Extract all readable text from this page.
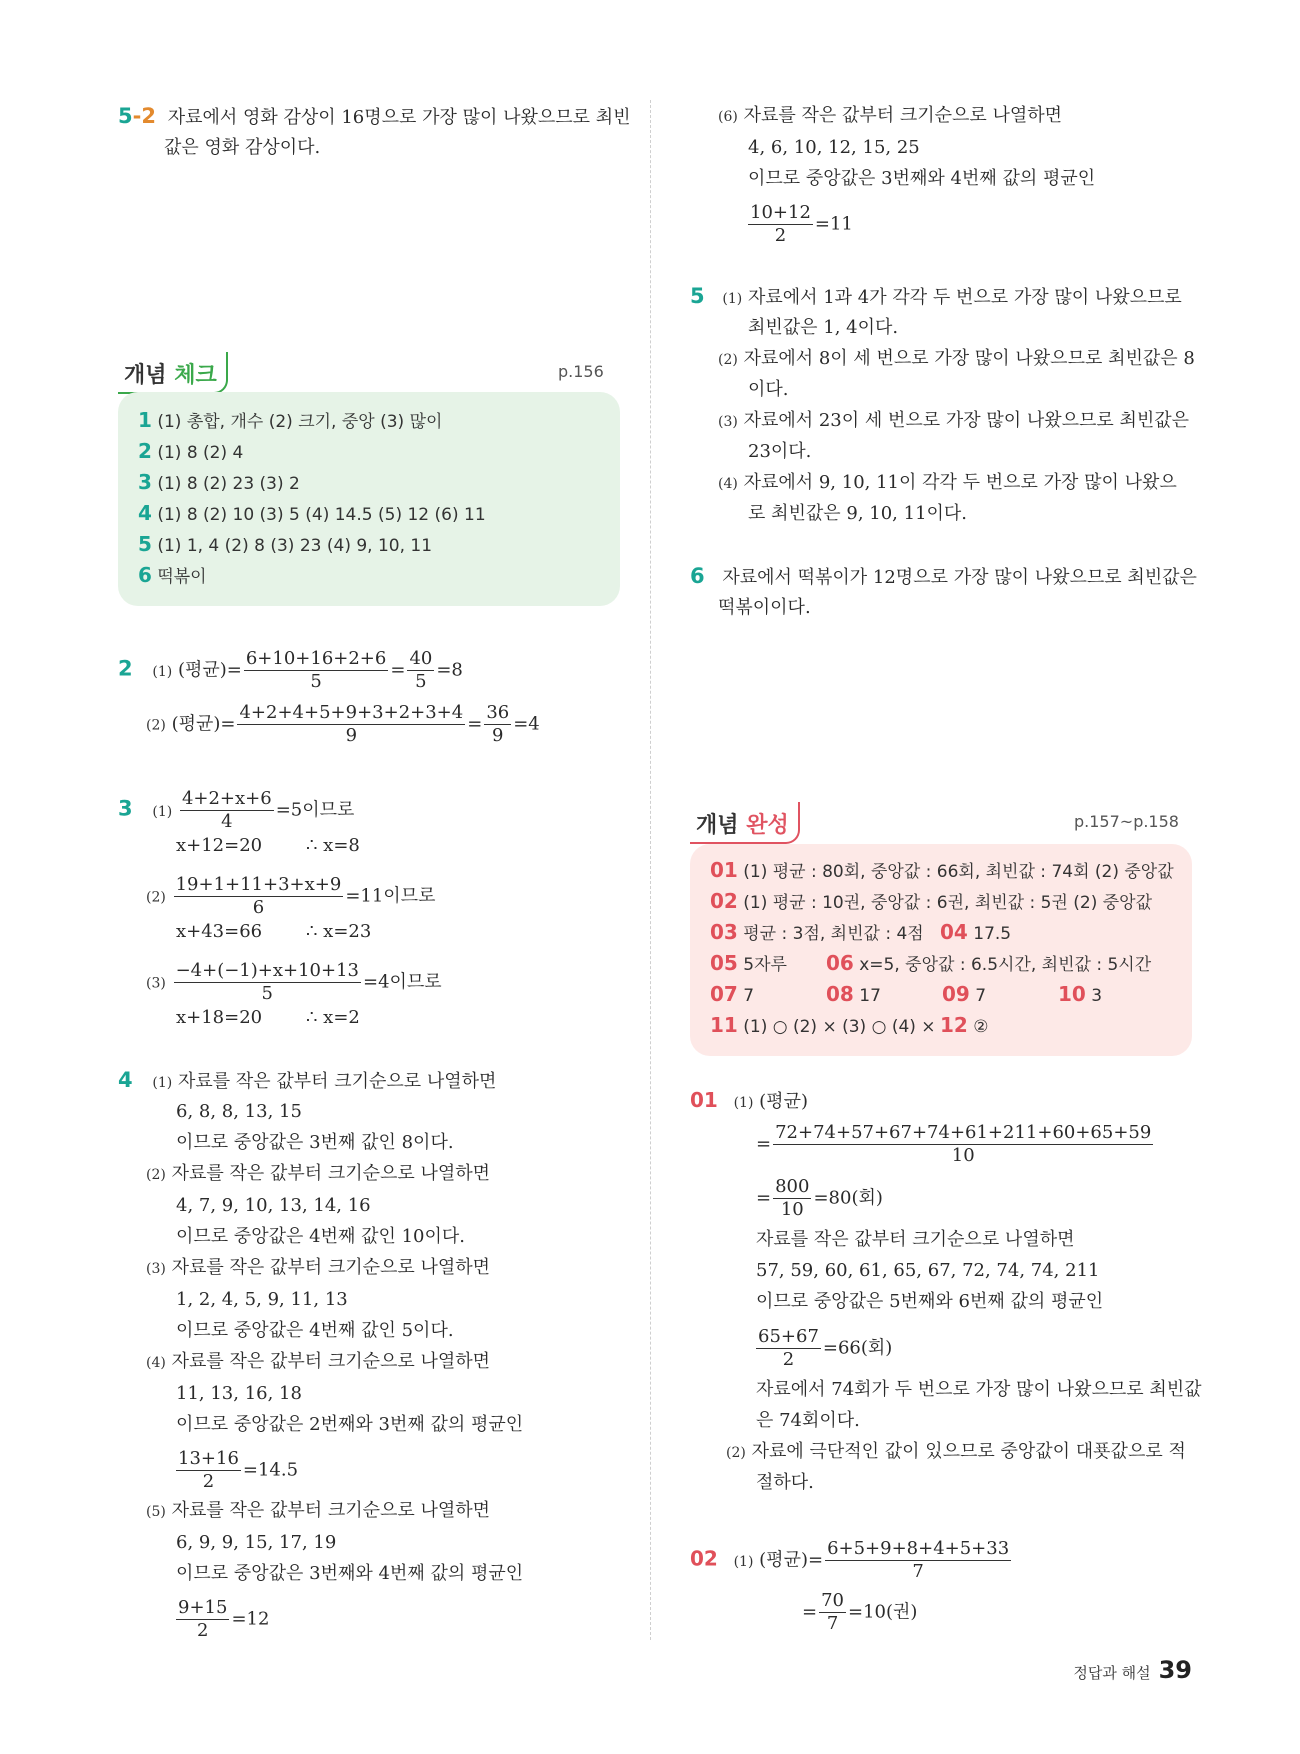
5-2 자료에서 영화 감상이 16명으로 가장 많이 나왔으므로 최빈
값은 영화 감상이다.
개념 체크	p.156
1 (1) 총합, 개수 (2) 크기, 중앙 (3) 많이
2 (1) 8 (2) 4
3 (1) 8 (2) 23 (3) 2
4 (1) 8 (2) 10 (3) 5 (4) 14.5 (5) 12 (6) 11
5 (1) 1, 4 (2) 8 (3) 23 (4) 9, 10, 11
6 떡볶이
2 (1) (평균)= $\frac{6+10+16+2+6}{5} = \frac{40}{5} =8$
(2) (평균)= $\frac{4+2+4+5+9+3+2+3+4}{9} = \frac{36}{9} =4$
3 $(1) \frac{4+2+x+6}{4} =5$이므로
x+12=20 ∴ x=8
$(2) \frac{19+1+11+3+x+9}{6} =11$이므로
x+43=66 ∴ x=23
$(3) \frac{-4+(-1)+x+10+13}{5} =4$이므로
x+18=20 ∴ x=2
4 (1) 자료를 작은 값부터 크기순으로 나열하면
6, 8, 8, 13, 15
이므로 중앙값은 3번째 값인 8이다.
(2) 자료를 작은 값부터 크기순으로 나열하면
4, 7, 9, 10, 13, 14, 16
이므로 중앙값은 4번째 값인 10이다.
(3) 자료를 작은 값부터 크기순으로 나열하면
1, 2, 4, 5, 9, 11, 13
이므로 중앙값은 4번째 값인 5이다.
(4) 자료를 작은 값부터 크기순으로 나열하면
11, 13, 16, 18
이므로 중앙값은 2번째와 3번째 값의 평균인
$\frac{13+16}{2} =14.5$
(5) 자료를 작은 값부터 크기순으로 나열하면
6, 9, 9, 15, 17, 19
이므로 중앙값은 3번째와 4번째 값의 평균인
$\frac{9+15}{2} =12$
(6) 자료를 작은 값부터 크기순으로 나열하면
4, 6, 10, 12, 15, 25
이므로 중앙값은 3번째와 4번째 값의 평균인
$\frac{10+12}{2} =11$
5 (1) 자료에서 1과 4가 각각 두 번으로 가장 많이 나왔으므로
최빈값은 1, 4이다.
(2) 자료에서 8이 세 번으로 가장 많이 나왔으므로 최빈값은 8
이다.
(3) 자료에서 23이 세 번으로 가장 많이 나왔으므로 최빈값은
23이다.
(4) 자료에서 9, 10, 11이 각각 두 번으로 가장 많이 나왔으
로 최빈값은 9, 10, 11이다.
6 자료에서 떡볶이가 12명으로 가장 많이 나왔으므로 최빈값은
떡볶이이다.
개념 완성	p.157~p.158
01 (1) 평균 : 80회, 중앙값 : 66회, 최빈값 : 74회 (2) 중앙값
02 (1) 평균 : 10권, 중앙값 : 6권, 최빈값 : 5권 (2) 중앙값
03 평균 : 3점, 최빈값 : 4점 04 17.5
05 5자루 06 x=5, 중앙값 : 6.5시간, 최빈값 : 5시간
07 7	08 17	09 7	10 3
11 (1) ○ (2) × (3) ○ (4) × 12 ②
01 (1) (평균)
= $\frac{72+74+57+67+74+61+211+60+65+59}{10}$
= $\frac{800}{10} =80$(회)
자료를 작은 값부터 크기순으로 나열하면
57, 59, 60, 61, 65, 67, 72, 74, 74, 211
이므로 중앙값은 5번째와 6번째 값의 평균인
$\frac{65+67}{2} =66$(회)
자료에서 74회가 두 번으로 가장 많이 나왔으므로 최빈값
은 74회이다.
(2) 자료에 극단적인 값이 있으므로 중앙값이 대푯값으로 적
절하다.
02 (1) (평균)= $\frac{6+5+9+8+4+5+33}{7}$
= $\frac{70}{7} =10$(권)
정답과 해설 39
